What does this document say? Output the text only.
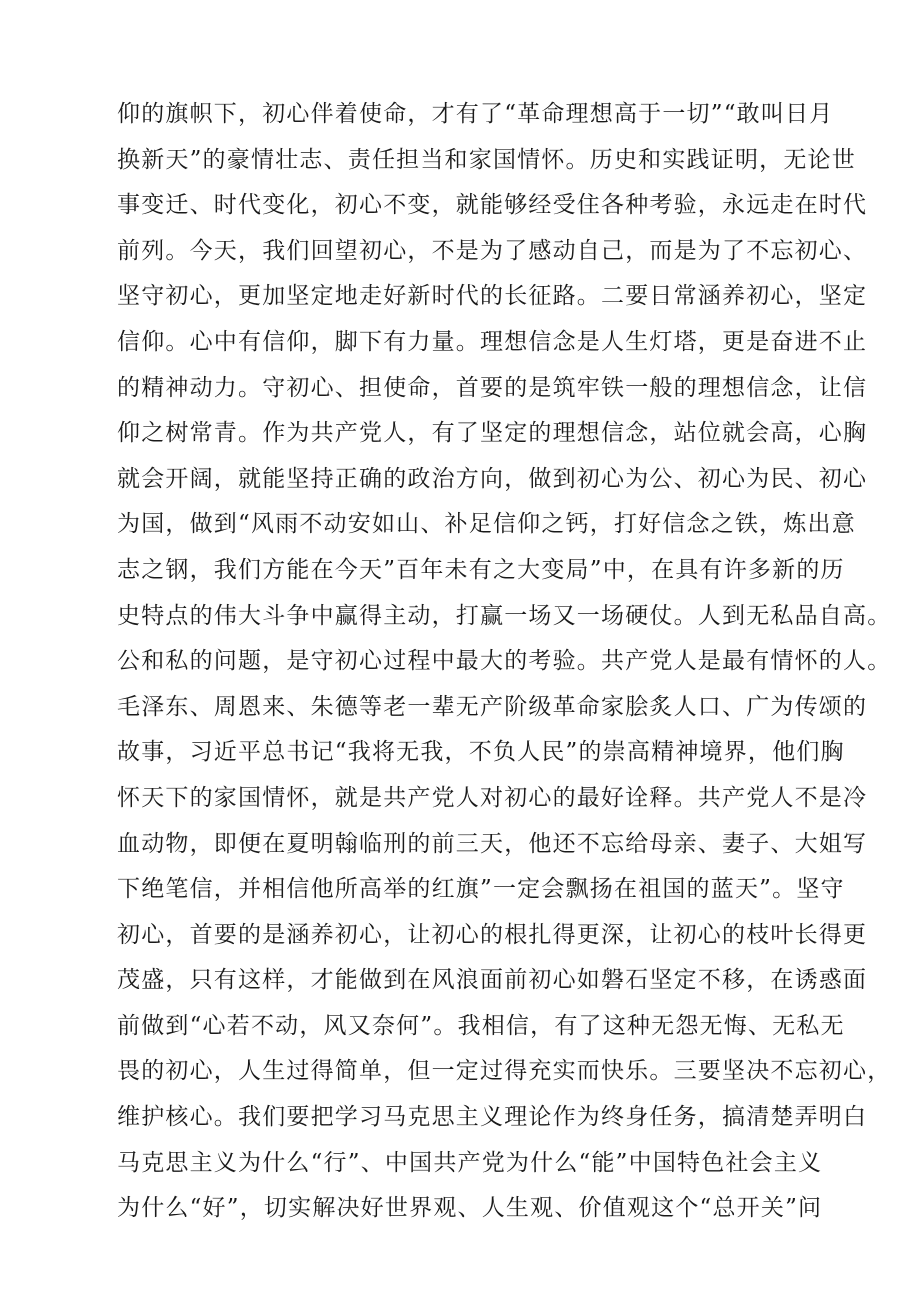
仰的旗帜下，初心伴着使命，才有了“革命理想高于一切”“敢叫日月
换新天”的豪情壮志、责任担当和家国情怀。历史和实践证明，无论世
事变迁、时代变化，初心不变，就能够经受住各种考验，永远走在时代
前列。今天，我们回望初心，不是为了感动自己，而是为了不忘初心、
坚守初心，更加坚定地走好新时代的长征路。二要日常涵养初心，坚定
信仰。心中有信仰，脚下有力量。理想信念是人生灯塔，更是奋进不止
的精神动力。守初心、担使命，首要的是筑牢铁一般的理想信念，让信
仰之树常青。作为共产党人，有了坚定的理想信念，站位就会高，心胸
就会开阔，就能坚持正确的政治方向，做到初心为公、初心为民、初心
为国，做到“风雨不动安如山、补足信仰之钙，打好信念之铁，炼出意
志之钢，我们方能在今天”百年未有之大变局”中，在具有许多新的历
史特点的伟大斗争中赢得主动，打赢一场又一场硬仗。人到无私品自高。
公和私的问题，是守初心过程中最大的考验。共产党人是最有情怀的人。
毛泽东、周恩来、朱德等老一辈无产阶级革命家脍炙人口、广为传颂的
故事，习近平总书记“我将无我，不负人民”的崇高精神境界，他们胸
怀天下的家国情怀，就是共产党人对初心的最好诠释。共产党人不是冷
血动物，即便在夏明翰临刑的前三天，他还不忘给母亲、妻子、大姐写
下绝笔信，并相信他所高举的红旗”一定会飘扬在祖国的蓝天”。坚守
初心，首要的是涵养初心，让初心的根扎得更深，让初心的枝叶长得更
茂盛，只有这样，才能做到在风浪面前初心如磐石坚定不移，在诱惑面
前做到“心若不动，风又奈何”。我相信，有了这种无怨无悔、无私无
畏的初心，人生过得简单，但一定过得充实而快乐。三要坚决不忘初心，
维护核心。我们要把学习马克思主义理论作为终身任务，搞清楚弄明白
马克思主义为什么“行”、中国共产党为什么“能”中国特色社会主义
为什么“好”，切实解决好世界观、人生观、价值观这个“总开关”问
